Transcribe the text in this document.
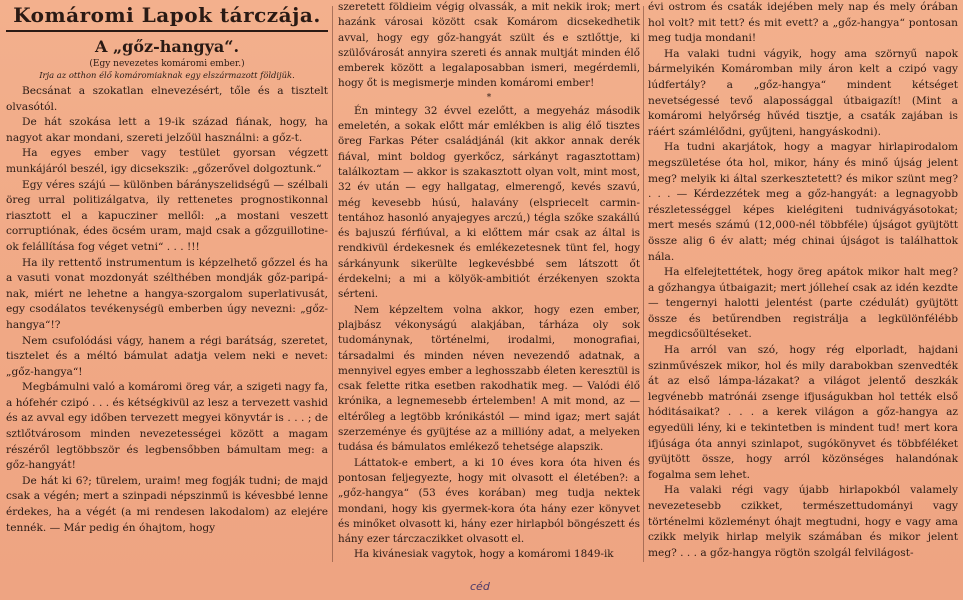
Komáromi Lapok tárczája.
A „gőz-hangya“.
(Egy nevezetes komáromi ember.)
Irja az otthon élő komáromiaknak egy elszármazott földijük.

Becsánat a szokatlan elnevezésért, tőle és a tisztelt olvasótól.

De hát szokása lett a 19-ik század fiának, hogy, ha nagyot akar mondani, szereti jelzőül használni: a gőz-t.

Ha egyes ember vagy testület gyorsan végzett munkájáról beszél, igy dicsekszik: „gőzerővel dolgoztunk.“

Egy véres szájú — különben bárányszelidségű — szélbali öreg urral politizálgatva, ily rettenetes prognostikonnal riasztott el a kapucziner mellől: „a mostani veszett corruptiónak, édes öcsém uram, majd csak a gőzguillotine-ok felállítása fog véget vetni“ . . . !!!

Ha ily rettentő instrumentum is képzelhető gőzzel és ha a vasuti vonat mozdonyát szélthében mondják gőz-paripá-nak, miért ne lehetne a hangya-szorgalom superlativusát, egy csodálatos tevékenységü emberben úgy nevezni: „gőz-hangya“!?

Nem csufolódási vágy, hanem a régi barátság, szeretet, tisztelet és a méltó bámulat adatja velem neki e nevet: „gőz-hangya“!

Megbámulni való a komáromi öreg vár, a szigeti nagy fa, a hófehér czipó . . . és kétségkivül az lesz a tervezett vashid és az avval egy időben tervezett megyei könyvtár is . . . ; de sztlőtvárosom minden nevezetességei között a magam részéről legtöbbször és legbensőbben bámultam meg: a gőz-hangyát!

De hát ki 6?; türelem, uraim! meg fogják tudni; de majd csak a végén; mert a szinpadi népszinmű is kévesbbé lenne érdekes, ha a végét (a mi rendesen lakodalom) az elejére tennék. — Már pedig én óhajtom, hogy

szeretett földieim végig olvassák, a mit nekik irok; mert hazánk városai között csak Komárom dicsekedhetik avval, hogy egy gőz-hangyát szült és e sztlőttje, ki szülővárosát annyira szereti és annak multját minden élő emberek között a legalaposabban ismeri, megérdemli, hogy őt is megismerje minden komáromi ember!

*

Én mintegy 32 évvel ezelőtt, a megyeház második emeletén, a sokak előtt már emlékben is alig élő tisztes öreg Farkas Péter családjánál (kit akkor annak derék fiával, mint boldog gyerkőcz, sárkányt ragasztottam) találkoztam — akkor is szakasztott olyan volt, mint most, 32 év után — egy hallgatag, elmerengő, kevés szavú, még kevesebb húsú, halavány (elspriecelt carmin-tentához hasonló anyajegyes arczú,) tégla szőke szakállú és bajuszú férfiúval, a ki előttem már csak az által is rendkivül érdekesnek és emlékezetesnek tünt fel, hogy sárkányunk sikerülte legkevésbbé sem látszott őt érdekelni; a mi a kölyök-ambitiót érzékenyen szokta sérteni.

Nem képzeltem volna akkor, hogy ezen ember, plajbász vékonyságú alakjában, tárháza oly sok tudománynak, történelmi, irodalmi, monografiai, társadalmi és minden néven nevezendő adatnak, a mennyivel egyes ember a leghosszabb életen keresztül is csak felette ritka esetben rakodhatik meg. — Valódi élő krónika, a legnemesebb értelemben! A mit mond, az — eltérőleg a legtöbb krónikástól — mind igaz; mert saját szerzeménye és gyüjtése az a millióny adat, a melyeken tudása és bámulatos emlékező tehetsége alapszik.

Láttatok-e embert, a ki 10 éves kora óta hiven és pontosan feljegyezte, hogy mit olvasott el életében?: a „gőz-hangya“ (53 éves korában) meg tudja nektek mondani, hogy kis gyermek-kora óta hány ezer könyvet és minőket olvasott ki, hány ezer hirlapból böngészett és hány ezer tárczaczikket olvasott el.

Ha kivánesiak vagytok, hogy a komáromi 1849-ik

évi ostrom és csaták idejében mely nap és mely órában hol volt? mit tett? és mit evett? a „gőz-hangya“ pontosan meg tudja mondani!

Ha valaki tudni vágyik, hogy ama szörnyű napok bármelyikén Komáromban mily áron kelt a czipó vagy lúdfertály? a „gőz-hangya“ mindent kétséget nevetségessé tevő alapossággal útbaigazít! (Mint a komáromi helyőrség hűvéd tisztje, a csaták zajában is ráért számlélődni, gyűjteni, hangyáskodni).

Ha tudni akarjátok, hogy a magyar hirlapirodalom megszületése óta hol, mikor, hány és minő újság jelent meg? melyik ki által szerkesztetett? és mikor szünt meg? . . . — Kérdezzétek meg a gőz-hangyát: a legnagyobb részletességgel képes kielégiteni tudnivágyásotokat; mert mesés számú (12,000-nél többféle) újságot gyüjtött össze alig 6 év alatt; még chinai újságot is találhattok nála.

Ha elfelejtettétek, hogy öreg apátok mikor halt meg? a gőzhangya útbaigazit; mert jólleheí csak az idén kezdte — tengernyi halotti jelentést (parte czédulát) gyüjtött össze és betűrendben registrálja a legkülönfélébb megdicsőültéseket.

Ha arról van szó, hogy rég elporladt, hajdani szinművészek mikor, hol és mily darabokban szenvedték át az első lámpa-lázakat? a világot jelentő deszkák legvénebb matrónái zsenge ifjuságukban hol tették első hóditásaikat? . . . a kerek világon a gőz-hangya az egyedüli lény, ki e tekintetben is mindent tud! mert kora ifjúsága óta annyi szinlapot, sugókönyvet és többféléket gyüjtött össze, hogy arról közönséges halandónak fogalma sem lehet.

Ha valaki régi vagy újabb hirlapokból valamely nevezetesebb czikket, természettudományi vagy történelmi közleményt óhajt megtudni, hogy e vagy ama czikk melyik hirlap melyik számában és mikor jelent meg? . . . a gőz-hangya rögtön szolgál felvilágost-

céd
